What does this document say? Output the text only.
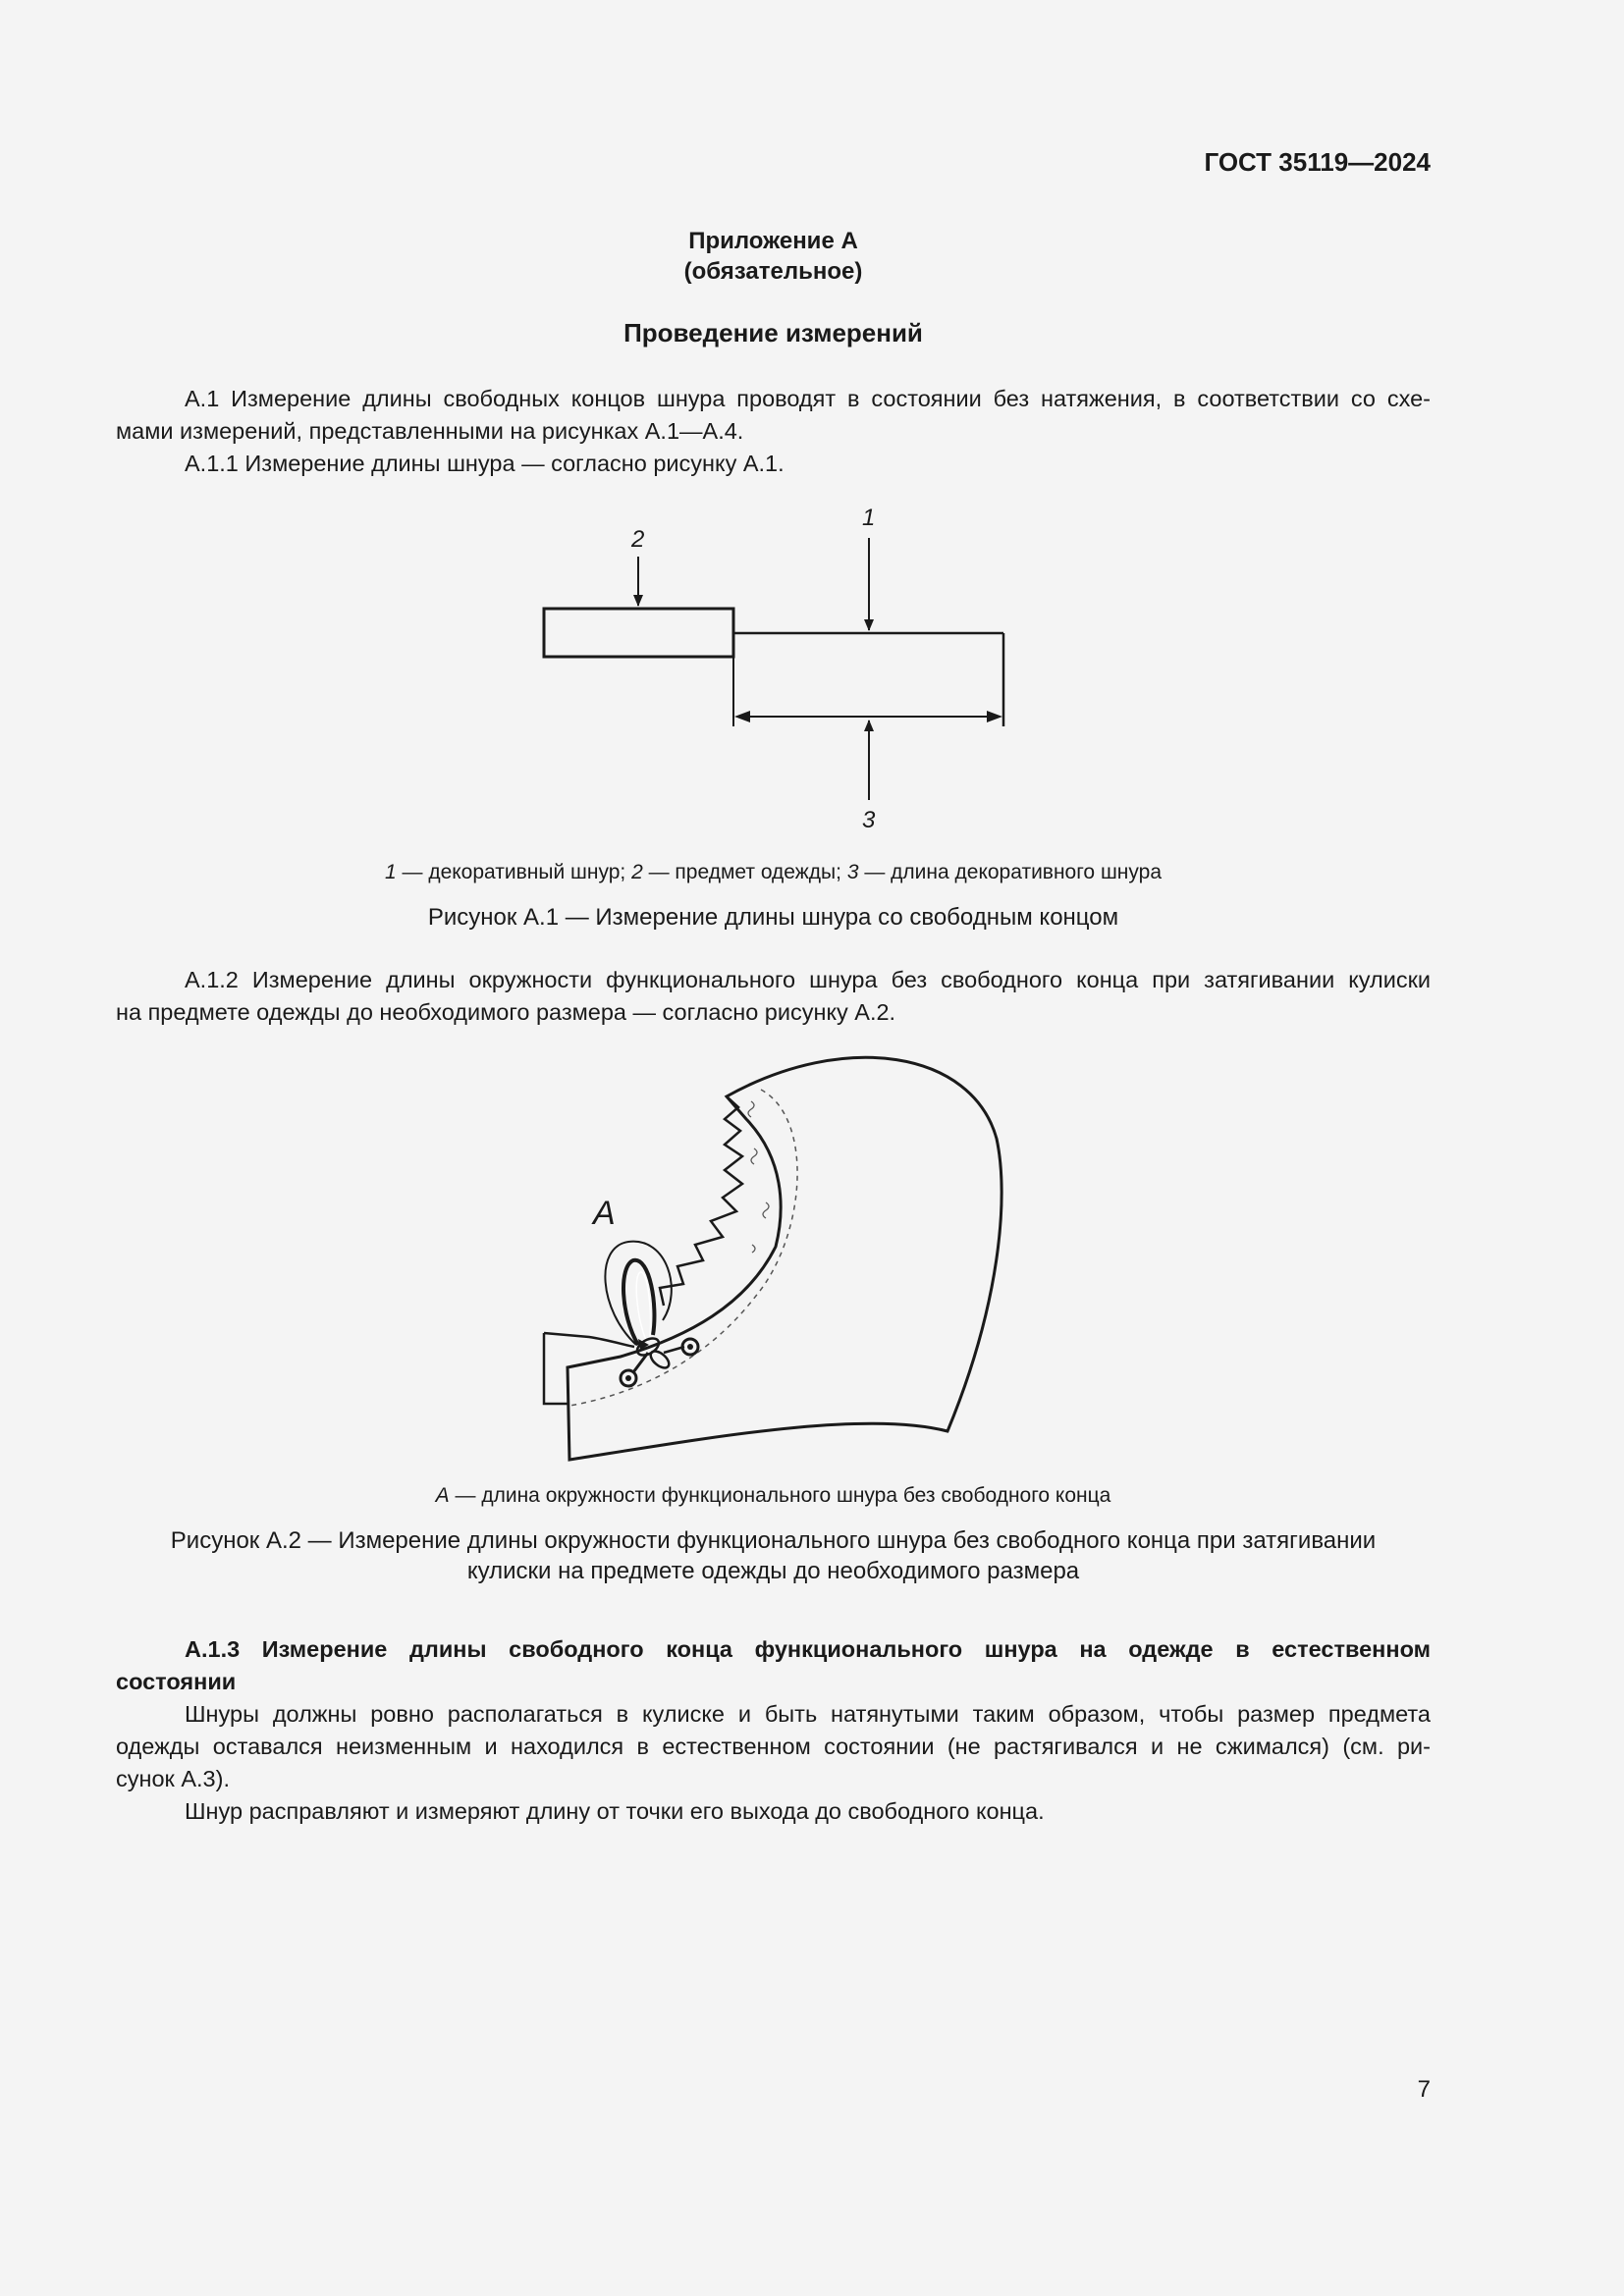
ГОСТ 35119—2024
Приложение А
(обязательное)
Проведение измерений
А.1 Измерение длины свободных концов шнура проводят в состоянии без натяжения, в соответствии со схе-
мами измерений, представленными на рисунках А.1—А.4.
А.1.1 Измерение длины шнура — согласно рисунку А.1.
1
2
3
1 — декоративный шнур; 2 — предмет одежды; 3 — длина декоративного шнура
Рисунок А.1 — Измерение длины шнура со свободным концом
А.1.2 Измерение длины окружности функционального шнура без свободного конца при затягивании кулиски
на предмете одежды до необходимого размера — согласно рисунку А.2.
А
А — длина окружности функционального шнура без свободного конца
Рисунок А.2 — Измерение длины окружности функционального шнура без свободного конца при затягивании
кулиски на предмете одежды до необходимого размера
А.1.3 Измерение длины свободного конца функционального шнура на одежде в естественном
состоянии
Шнуры должны ровно располагаться в кулиске и быть натянутыми таким образом, чтобы размер предмета
одежды оставался неизменным и находился в естественном состоянии (не растягивался и не сжимался) (см. ри-
сунок А.3).
Шнур расправляют и измеряют длину от точки его выхода до свободного конца.
7
